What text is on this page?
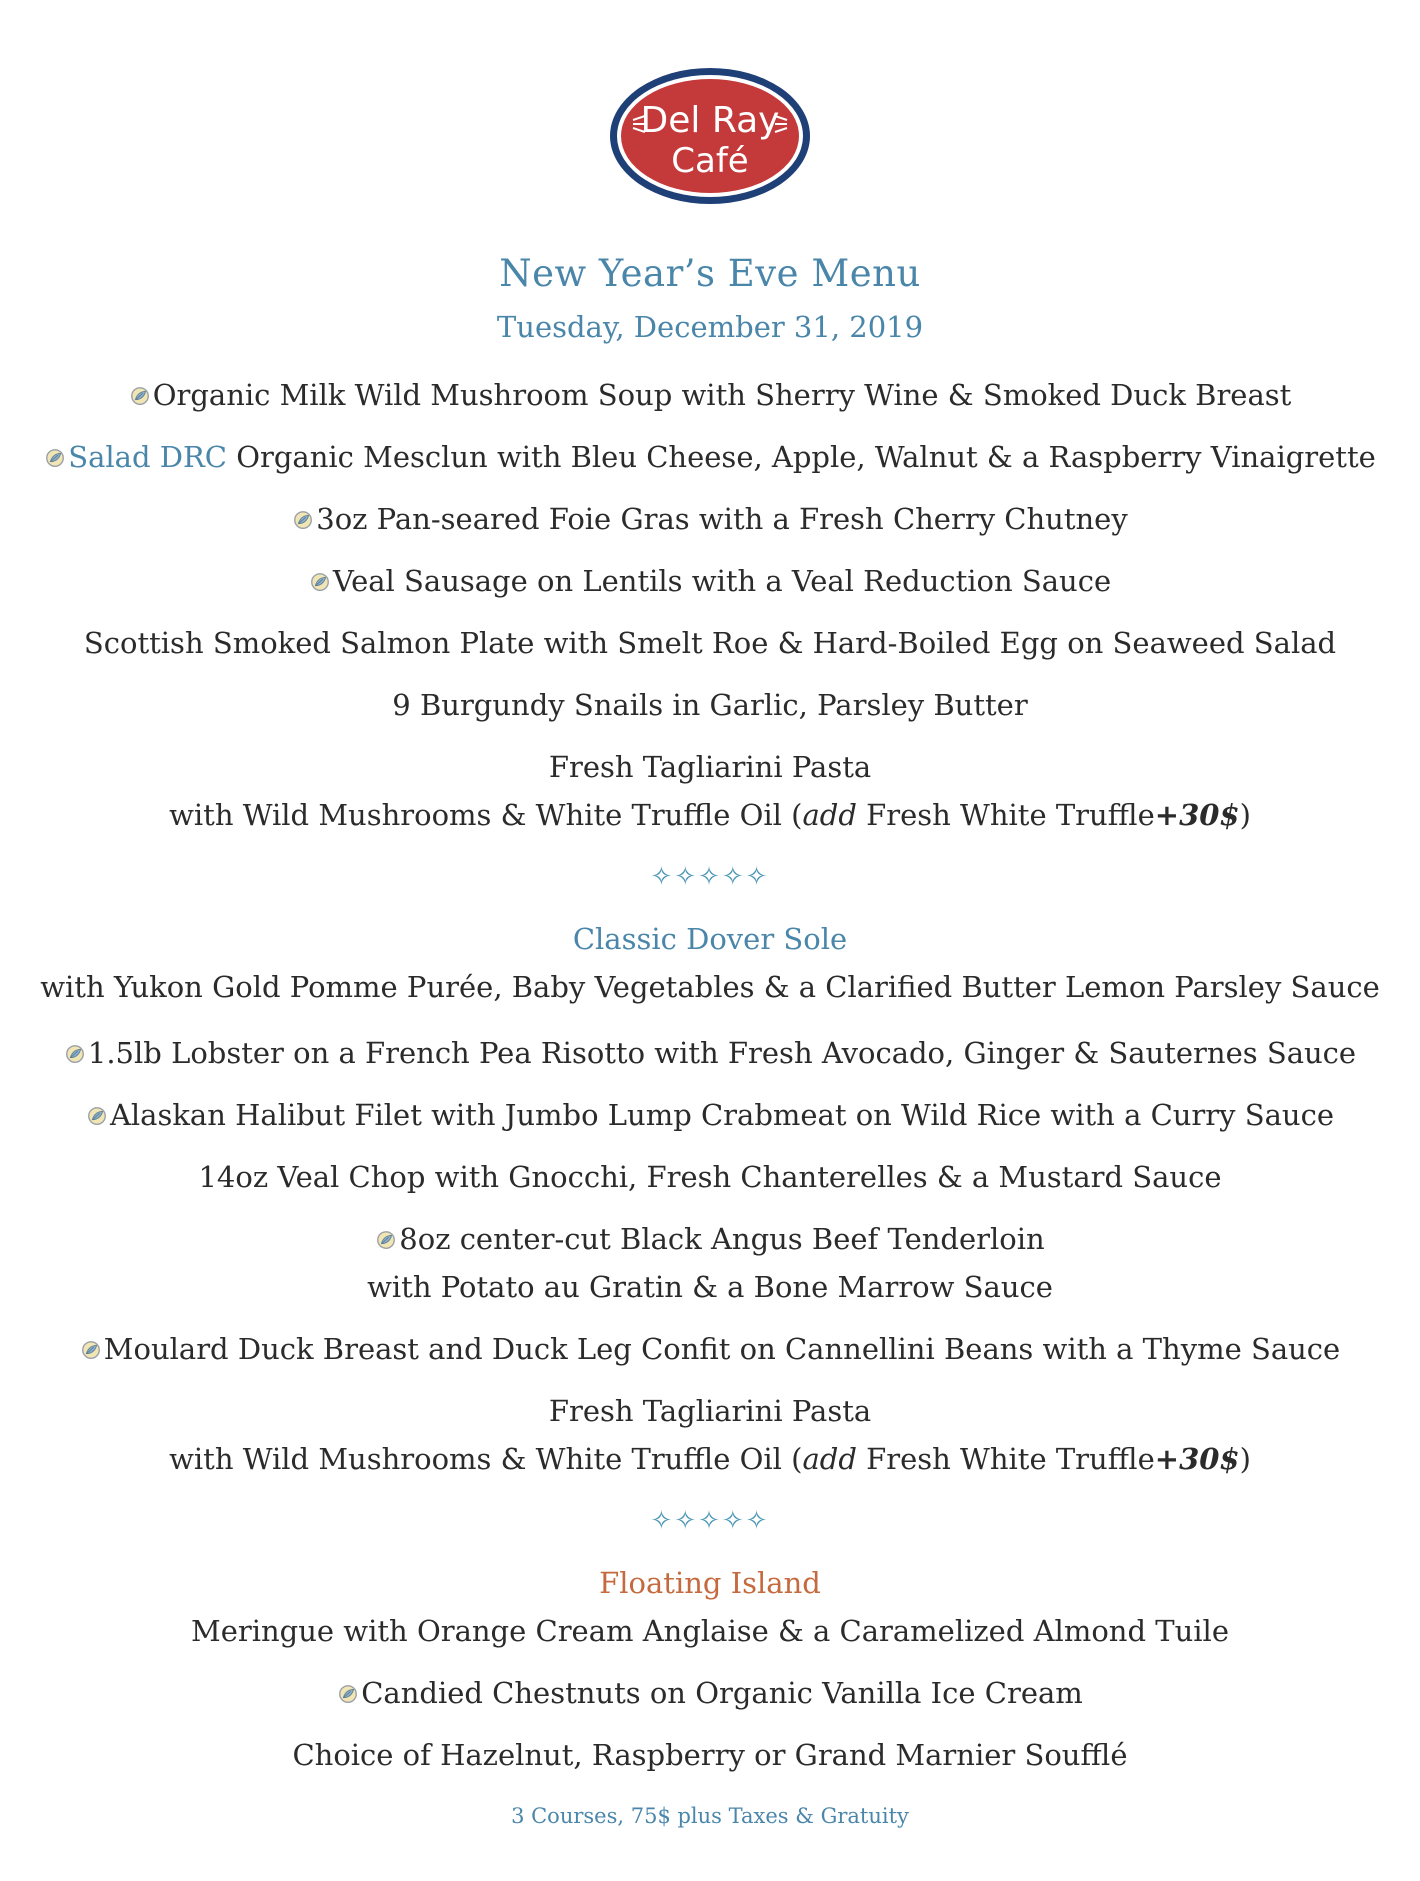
Del Ray
Café
New Year’s Eve Menu
Tuesday, December 31, 2019
Organic Milk Wild Mushroom Soup with Sherry Wine & Smoked Duck Breast
Salad DRC Organic Mesclun with Bleu Cheese, Apple, Walnut & a Raspberry Vinaigrette
3oz Pan-seared Foie Gras with a Fresh Cherry Chutney
Veal Sausage on Lentils with a Veal Reduction Sauce
Scottish Smoked Salmon Plate with Smelt Roe & Hard-Boiled Egg on Seaweed Salad
9 Burgundy Snails in Garlic, Parsley Butter
Fresh Tagliarini Pasta
with Wild Mushrooms & White Truffle Oil (add Fresh White Truffle+30$)
✧✧✧✧✧
Classic Dover Sole
with Yukon Gold Pomme Purée, Baby Vegetables & a Clarified Butter Lemon Parsley Sauce
1.5lb Lobster on a French Pea Risotto with Fresh Avocado, Ginger & Sauternes Sauce
Alaskan Halibut Filet with Jumbo Lump Crabmeat on Wild Rice with a Curry Sauce
14oz Veal Chop with Gnocchi, Fresh Chanterelles & a Mustard Sauce
8oz center-cut Black Angus Beef Tenderloin
with Potato au Gratin & a Bone Marrow Sauce
Moulard Duck Breast and Duck Leg Confit on Cannellini Beans with a Thyme Sauce
Fresh Tagliarini Pasta
with Wild Mushrooms & White Truffle Oil (add Fresh White Truffle+30$)
✧✧✧✧✧
Floating Island
Meringue with Orange Cream Anglaise & a Caramelized Almond Tuile
Candied Chestnuts on Organic Vanilla Ice Cream
Choice of Hazelnut, Raspberry or Grand Marnier Soufflé
3 Courses, 75$ plus Taxes & Gratuity
